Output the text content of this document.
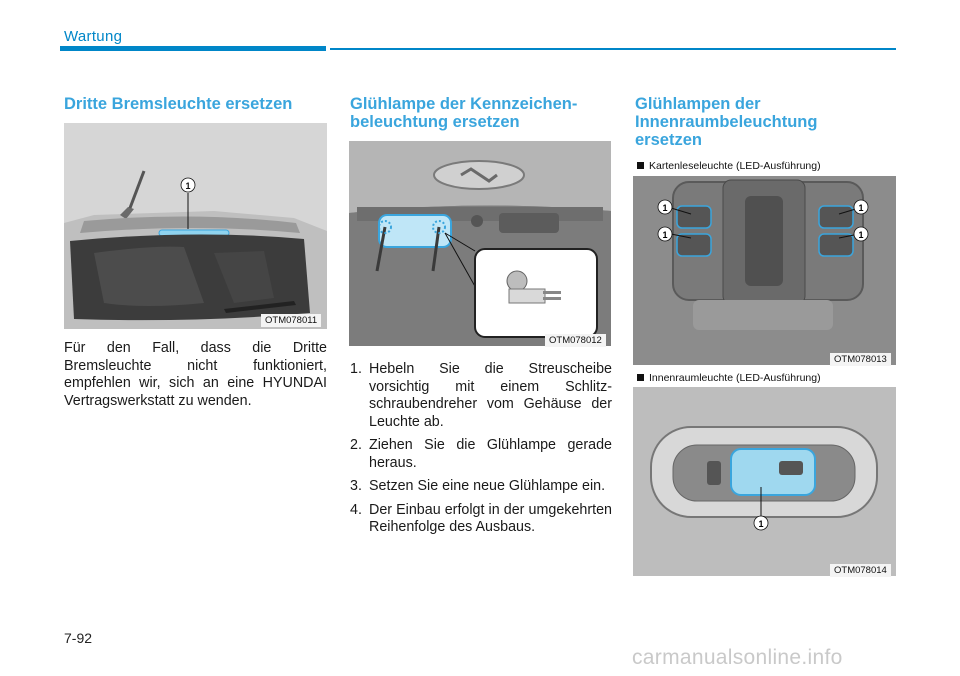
Wartung
Dritte Bremsleuchte ersetzen
1
OTM078011
Für den Fall, dass die Dritte Bremsleuchte nicht funktioniert, empfehlen wir, sich an eine HYUNDAI Vertragswerkstatt zu wenden.
Glühlampe der Kennzeichen-
beleuchtung ersetzen
OTM078012
1. Hebeln Sie die Streuscheibe vorsichtig mit einem Schlitzschraubendreher vom Gehäuse der Leuchte ab.
2. Ziehen Sie die Glühlampe gerade heraus.
3. Setzen Sie eine neue Glühlampe ein.
4. Der Einbau erfolgt in der umgekehrten Reihenfolge des Ausbaus.
Glühlampen der
Innenraumbeleuchtung
ersetzen
Kartenleseleuchte (LED-Ausführung)
1
1
1
1
OTM078013
Innenraumleuchte (LED-Ausführung)
1
OTM078014
7-92
carmanualsonline.info
